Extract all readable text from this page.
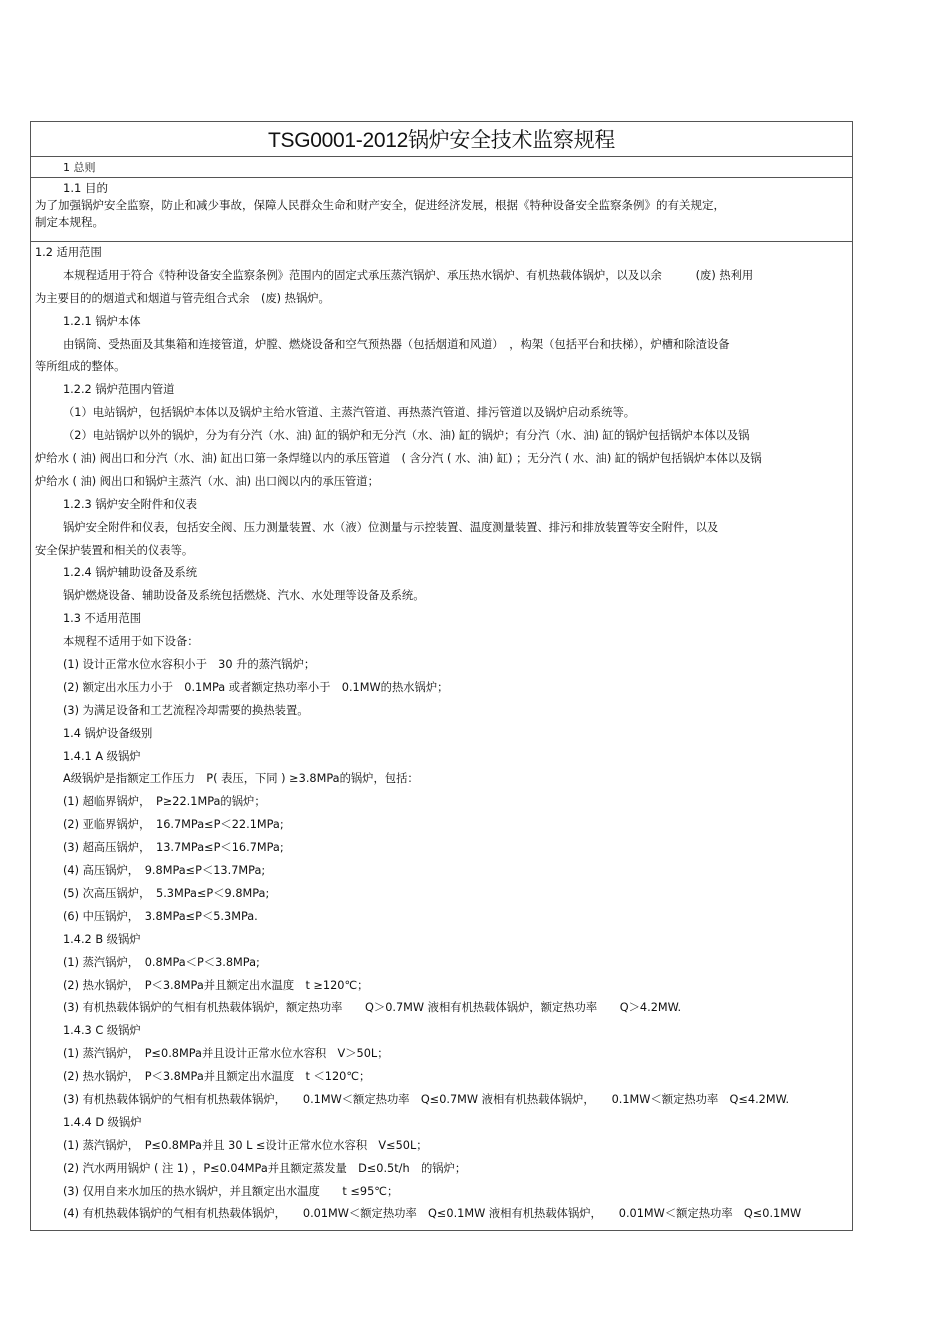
TSG0001-2012锅炉安全技术监察规程
1 总则
1.1 目的
为了加强锅炉安全监察，防止和减少事故，保障人民群众生命和财产安全，促进经济发展，根据《特种设备安全监察条例》的有关规定，
制定本规程。
1.2 适用范围
本规程适用于符合《特种设备安全监察条例》范围内的固定式承压蒸汽锅炉、承压热水锅炉、有机热载体锅炉，以及以余　　　(废) 热利用
为主要目的的烟道式和烟道与管壳组合式余　(废) 热锅炉。
1.2.1 锅炉本体
由锅筒、受热面及其集箱和连接管道，炉膛、燃烧设备和空气预热器（包括烟道和风道）　，构架（包括平台和扶梯），炉槽和除渣设备
等所组成的整体。
1.2.2 锅炉范围内管道
（1）电站锅炉，包括锅炉本体以及锅炉主给水管道、主蒸汽管道、再热蒸汽管道、排污管道以及锅炉启动系统等。
（2）电站锅炉以外的锅炉，分为有分汽（水、油) 缸的锅炉和无分汽（水、油) 缸的锅炉；有分汽（水、油) 缸的锅炉包括锅炉本体以及锅
炉给水 ( 油) 阀出口和分汽（水、油) 缸出口第一条焊缝以内的承压管道　( 含分汽 ( 水、油) 缸) ；无分汽 ( 水、油) 缸的锅炉包括锅炉本体以及锅
炉给水 ( 油) 阀出口和锅炉主蒸汽（水、油) 出口阀以内的承压管道；
1.2.3 锅炉安全附件和仪表
锅炉安全附件和仪表，包括安全阀、压力测量装置、水（液）位测量与示控装置、温度测量装置、排污和排放装置等安全附件，以及
安全保护装置和相关的仪表等。
1.2.4 锅炉辅助设备及系统
锅炉燃烧设备、辅助设备及系统包括燃烧、汽水、水处理等设备及系统。
1.3 不适用范围
本规程不适用于如下设备：
(1) 设计正常水位水容积小于　30 升的蒸汽锅炉；
(2) 额定出水压力小于　0.1MPa 或者额定热功率小于　0.1MW的热水锅炉；
(3) 为满足设备和工艺流程冷却需要的换热装置。
1.4 锅炉设备级别
1.4.1 A 级锅炉
A级锅炉是指额定工作压力　P( 表压，下同 ) ≥3.8MPa的锅炉，包括：
(1) 超临界锅炉，　P≥22.1MPa的锅炉；
(2) 亚临界锅炉，　16.7MPa≤P＜22.1MPa;
(3) 超高压锅炉，　13.7MPa≤P＜16.7MPa;
(4) 高压锅炉，　9.8MPa≤P＜13.7MPa;
(5) 次高压锅炉，　5.3MPa≤P＜9.8MPa;
(6) 中压锅炉，　3.8MPa≤P＜5.3MPa.
1.4.2 B 级锅炉
(1) 蒸汽锅炉，　0.8MPa＜P＜3.8MPa;
(2) 热水锅炉，　P＜3.8MPa并且额定出水温度　t ≥120℃；
(3) 有机热载体锅炉的气相有机热载体锅炉，额定热功率　　Q＞0.7MW 液相有机热载体锅炉，额定热功率　　Q＞4.2MW.
1.4.3 C 级锅炉
(1) 蒸汽锅炉，　P≤0.8MPa并且设计正常水位水容积　V＞50L；
(2) 热水锅炉，　P＜3.8MPa并且额定出水温度　t ＜120℃；
(3) 有机热载体锅炉的气相有机热载体锅炉，　　0.1MW＜额定热功率　Q≤0.7MW 液相有机热载体锅炉，　　0.1MW＜额定热功率　Q≤4.2MW.
1.4.4 D 级锅炉
(1) 蒸汽锅炉，　P≤0.8MPa并且 30 L ≤设计正常水位水容积　V≤50L；
(2) 汽水两用锅炉 ( 注 1) ，P≤0.04MPa并且额定蒸发量　D≤0.5t/h　的锅炉；
(3) 仅用自来水加压的热水锅炉，并且额定出水温度　　t ≤95℃；
(4) 有机热载体锅炉的气相有机热载体锅炉，　　0.01MW＜额定热功率　Q≤0.1MW 液相有机热载体锅炉，　　0.01MW＜额定热功率　Q≤0.1MW
